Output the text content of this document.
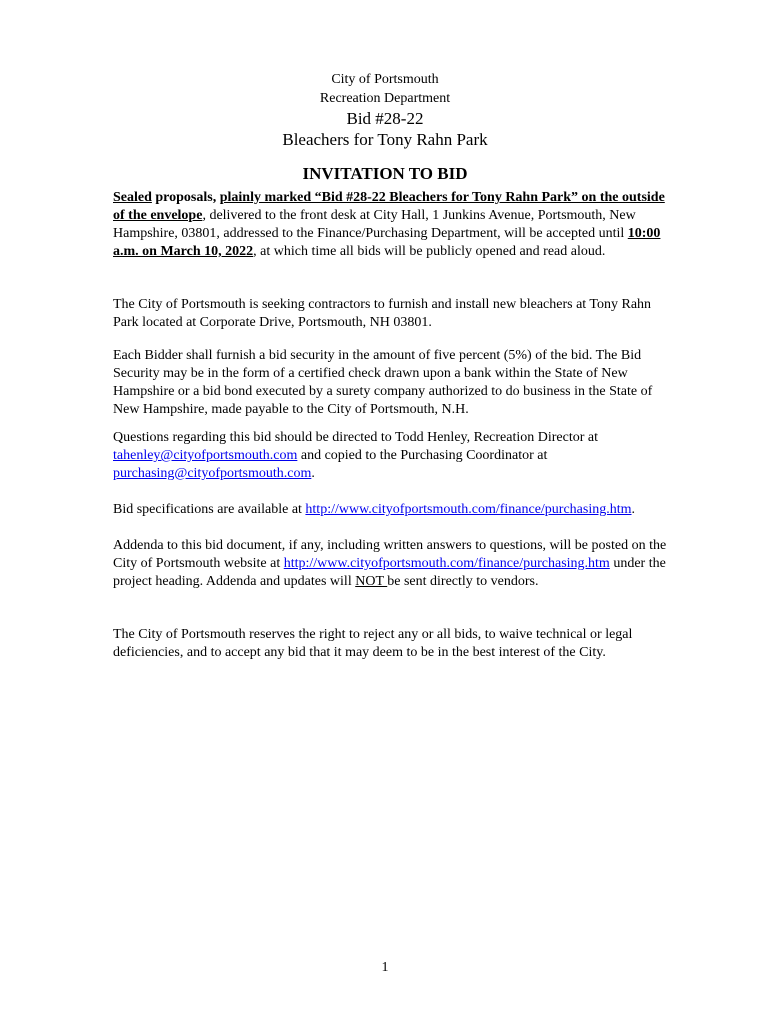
City of Portsmouth
Recreation Department
Bid #28-22
Bleachers for Tony Rahn Park
INVITATION TO BID
Sealed proposals, plainly marked “Bid #28-22 Bleachers for Tony Rahn Park” on the outside of the envelope, delivered to the front desk at City Hall, 1 Junkins Avenue, Portsmouth, New Hampshire, 03801, addressed to the Finance/Purchasing Department, will be accepted until 10:00 a.m. on March 10, 2022, at which time all bids will be publicly opened and read aloud.
The City of Portsmouth is seeking contractors to furnish and install new bleachers at Tony Rahn Park located at Corporate Drive, Portsmouth, NH 03801.
Each Bidder shall furnish a bid security in the amount of five percent (5%) of the bid. The Bid Security may be in the form of a certified check drawn upon a bank within the State of New Hampshire or a bid bond executed by a surety company authorized to do business in the State of New Hampshire, made payable to the City of Portsmouth, N.H.
Questions regarding this bid should be directed to Todd Henley, Recreation Director at tahenley@cityofportsmouth.com and copied to the Purchasing Coordinator at purchasing@cityofportsmouth.com.
Bid specifications are available at http://www.cityofportsmouth.com/finance/purchasing.htm.
Addenda to this bid document, if any, including written answers to questions, will be posted on the City of Portsmouth website at http://www.cityofportsmouth.com/finance/purchasing.htm under the project heading. Addenda and updates will NOT be sent directly to vendors.
The City of Portsmouth reserves the right to reject any or all bids, to waive technical or legal deficiencies, and to accept any bid that it may deem to be in the best interest of the City.
1
